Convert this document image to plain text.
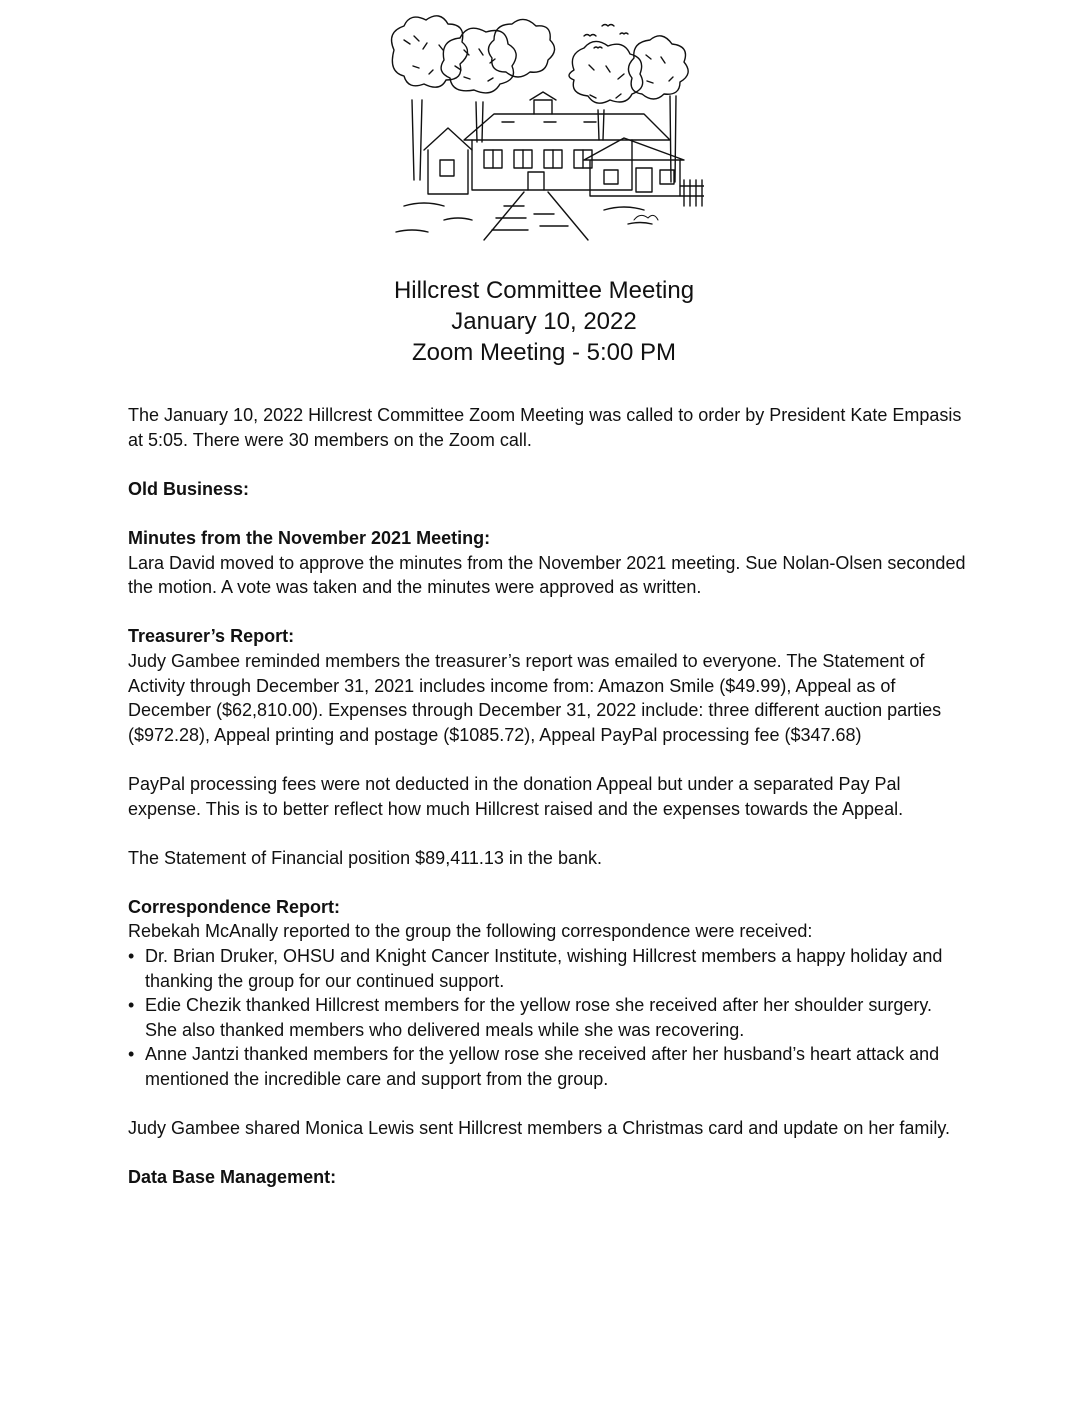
Hillcrest Committee Meeting
January 10, 2022
Zoom Meeting - 5:00 PM

The January 10, 2022 Hillcrest Committee Zoom Meeting was called to order by President Kate Empasis at 5:05. There were 30 members on the Zoom call.

Old Business:

Minutes from the November 2021 Meeting:

Lara David moved to approve the minutes from the November 2021 meeting. Sue Nolan-Olsen seconded the motion. A vote was taken and the minutes were approved as written.

Treasurer’s Report:

Judy Gambee reminded members the treasurer’s report was emailed to everyone. The Statement of Activity through December 31, 2021 includes income from: Amazon Smile ($49.99), Appeal as of December ($62,810.00). Expenses through December 31, 2022 include: three different auction parties ($972.28), Appeal printing and postage ($1085.72), Appeal PayPal processing fee ($347.68)

PayPal processing fees were not deducted in the donation Appeal but under a separated Pay Pal expense. This is to better reflect how much Hillcrest raised and the expenses towards the Appeal.

The Statement of Financial position $89,411.13 in the bank.

Correspondence Report:

Rebekah McAnally reported to the group the following correspondence were received:

• Dr. Brian Druker, OHSU and Knight Cancer Institute, wishing Hillcrest members a happy holiday and thanking the group for our continued support.
• Edie Chezik thanked Hillcrest members for the yellow rose she received after her shoulder surgery. She also thanked members who delivered meals while she was recovering.
• Anne Jantzi thanked members for the yellow rose she received after her husband’s heart attack and mentioned the incredible care and support from the group.

Judy Gambee shared Monica Lewis sent Hillcrest members a Christmas card and update on her family.

Data Base Management:
